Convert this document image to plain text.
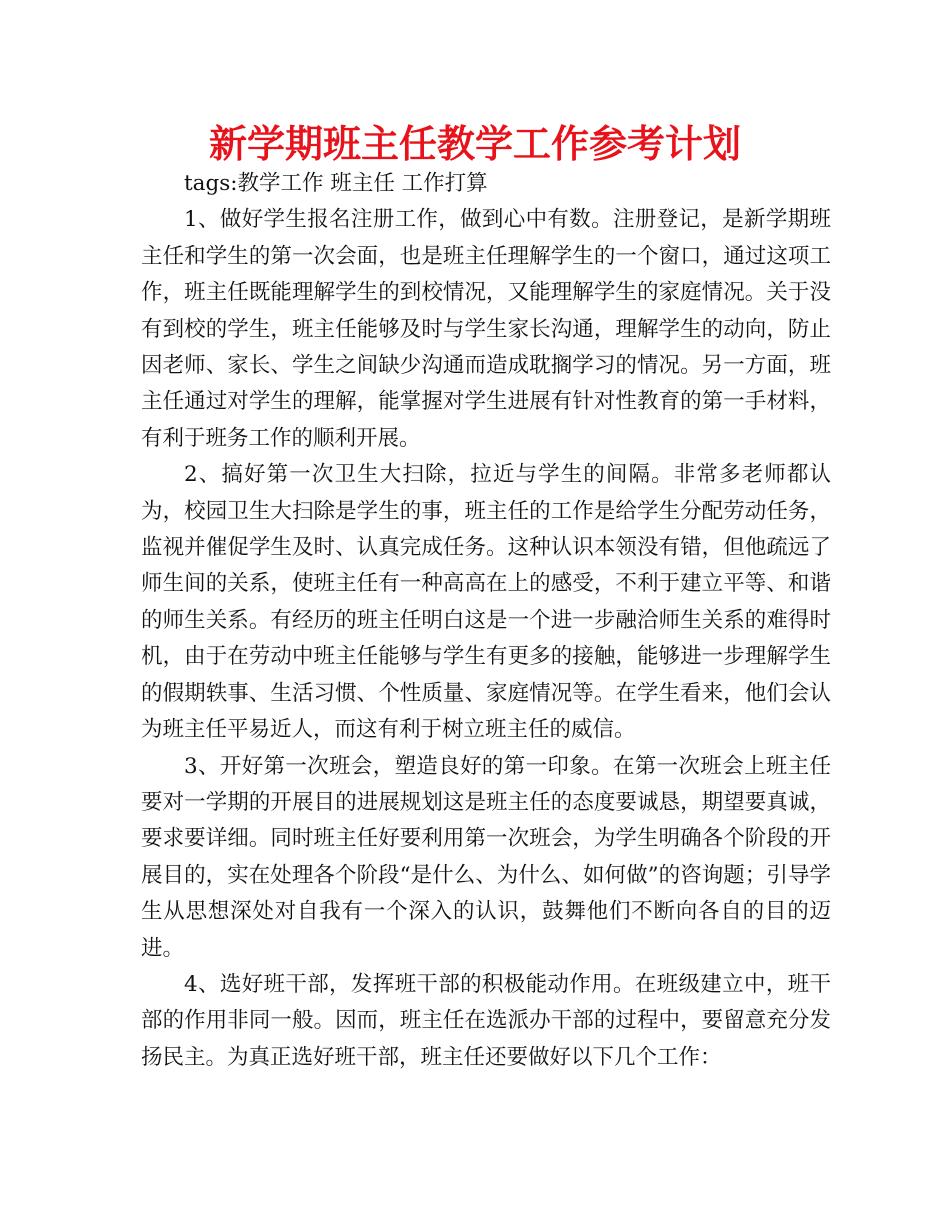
新学期班主任教学工作参考计划

tags:教学工作 班主任 工作打算

1、做好学生报名注册工作，做到心中有数。注册登记，是新学期班主任和学生的第一次会面，也是班主任理解学生的一个窗口，通过这项工作，班主任既能理解学生的到校情况，又能理解学生的家庭情况。关于没有到校的学生，班主任能够及时与学生家长沟通，理解学生的动向，防止因老师、家长、学生之间缺少沟通而造成耽搁学习的情况。另一方面，班主任通过对学生的理解，能掌握对学生进展有针对性教育的第一手材料，有利于班务工作的顺利开展。

2、搞好第一次卫生大扫除，拉近与学生的间隔。非常多老师都认为，校园卫生大扫除是学生的事，班主任的工作是给学生分配劳动任务，监视并催促学生及时、认真完成任务。这种认识本领没有错，但他疏远了师生间的关系，使班主任有一种高高在上的感受，不利于建立平等、和谐的师生关系。有经历的班主任明白这是一个进一步融洽师生关系的难得时机，由于在劳动中班主任能够与学生有更多的接触，能够进一步理解学生的假期轶事、生活习惯、个性质量、家庭情况等。在学生看来，他们会认为班主任平易近人，而这有利于树立班主任的威信。

3、开好第一次班会，塑造良好的第一印象。在第一次班会上班主任要对一学期的开展目的进展规划这是班主任的态度要诚恳，期望要真诚，要求要详细。同时班主任好要利用第一次班会，为学生明确各个阶段的开展目的，实在处理各个阶段“是什么、为什么、如何做”的咨询题；引导学生从思想深处对自我有一个深入的认识，鼓舞他们不断向各自的目的迈进。

4、选好班干部，发挥班干部的积极能动作用。在班级建立中，班干部的作用非同一般。因而，班主任在选派办干部的过程中，要留意充分发扬民主。为真正选好班干部，班主任还要做好以下几个工作：
